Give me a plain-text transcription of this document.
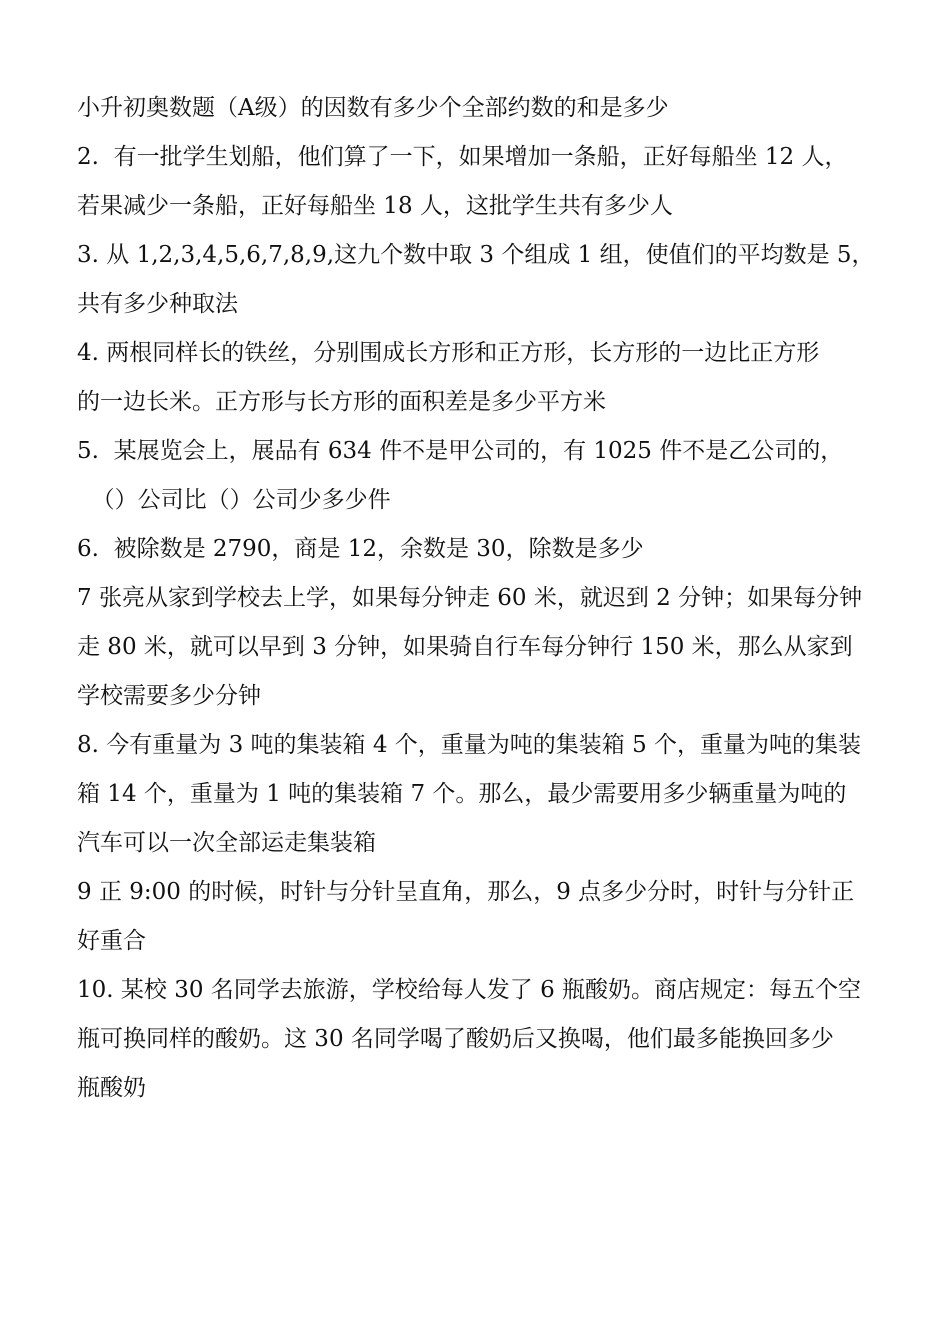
小升初奥数题（A级）的因数有多少个全部约数的和是多少
2.  有一批学生划船，他们算了一下，如果增加一条船，正好每船坐 12 人，
若果减少一条船，正好每船坐 18 人，这批学生共有多少人
3. 从 1,2,3,4,5,6,7,8,9,这九个数中取 3 个组成 1 组，使值们的平均数是 5，
共有多少种取法
4. 两根同样长的铁丝，分别围成长方形和正方形，长方形的一边比正方形
的一边长米。正方形与长方形的面积差是多少平方米
5.  某展览会上，展品有 634 件不是甲公司的，有 1025 件不是乙公司的，
（）公司比（）公司少多少件
6.  被除数是 2790，商是 12，余数是 30，除数是多少
7 张亮从家到学校去上学，如果每分钟走 60 米，就迟到 2 分钟；如果每分钟
走 80 米，就可以早到 3 分钟，如果骑自行车每分钟行 150 米，那么从家到
学校需要多少分钟
8. 今有重量为 3 吨的集装箱 4 个，重量为吨的集装箱 5 个，重量为吨的集装
箱 14 个，重量为 1 吨的集装箱 7 个。那么，最少需要用多少辆重量为吨的
汽车可以一次全部运走集装箱
9 正 9:00 的时候，时针与分针呈直角，那么，9 点多少分时，时针与分针正
好重合
10. 某校 30 名同学去旅游，学校给每人发了 6 瓶酸奶。商店规定：每五个空
瓶可换同样的酸奶。这 30 名同学喝了酸奶后又换喝，他们最多能换回多少
瓶酸奶
